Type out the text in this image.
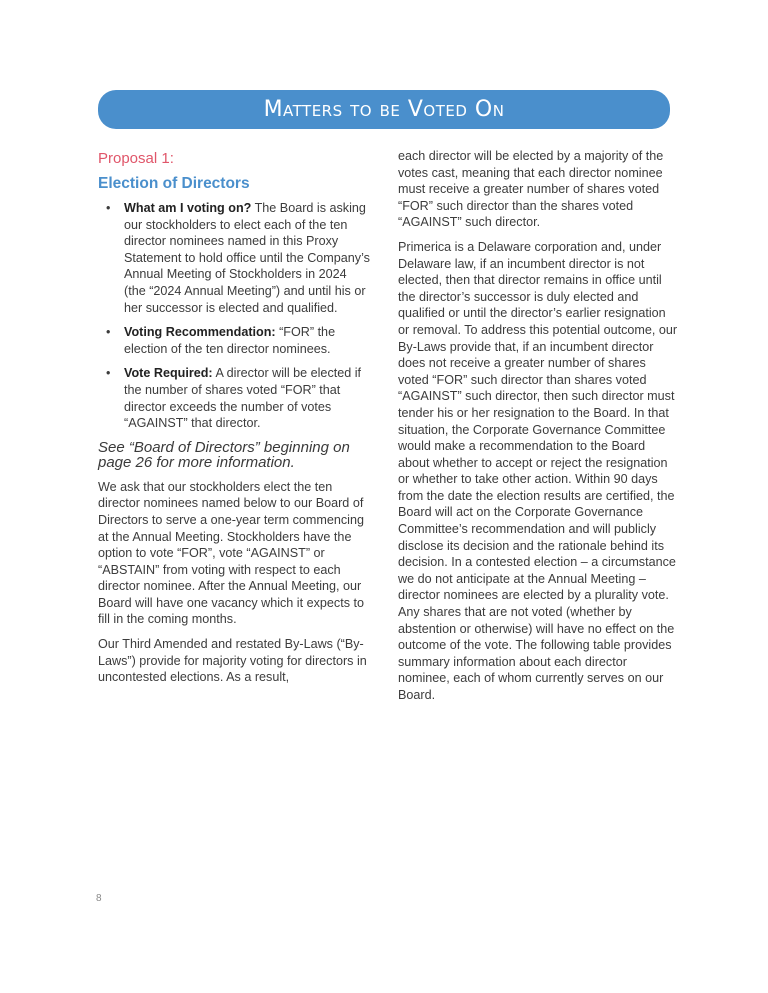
Matters to be Voted On
Proposal 1:
Election of Directors
• What am I voting on? The Board is asking our stockholders to elect each of the ten director nominees named in this Proxy Statement to hold office until the Company’s Annual Meeting of Stockholders in 2024 (the “2024 Annual Meeting”) and until his or her successor is elected and qualified.
• Voting Recommendation: “FOR” the election of the ten director nominees.
• Vote Required: A director will be elected if the number of shares voted “FOR” that director exceeds the number of votes “AGAINST” that director.
See “Board of Directors” beginning on page 26 for more information.

We ask that our stockholders elect the ten director nominees named below to our Board of Directors to serve a one-year term commencing at the Annual Meeting. Stockholders have the option to vote “FOR”, vote “AGAINST” or “ABSTAIN” from voting with respect to each director nominee. After the Annual Meeting, our Board will have one vacancy which it expects to fill in the coming months.

Our Third Amended and restated By-Laws (“By-Laws”) provide for majority voting for directors in uncontested elections. As a result,

each director will be elected by a majority of the votes cast, meaning that each director nominee must receive a greater number of shares voted “FOR” such director than the shares voted “AGAINST” such director.

Primerica is a Delaware corporation and, under Delaware law, if an incumbent director is not elected, then that director remains in office until the director’s successor is duly elected and qualified or until the director’s earlier resignation or removal. To address this potential outcome, our By-Laws provide that, if an incumbent director does not receive a greater number of shares voted “FOR” such director than shares voted “AGAINST” such director, then such director must tender his or her resignation to the Board. In that situation, the Corporate Governance Committee would make a recommendation to the Board about whether to accept or reject the resignation or whether to take other action. Within 90 days from the date the election results are certified, the Board will act on the Corporate Governance Committee’s recommendation and will publicly disclose its decision and the rationale behind its decision. In a contested election – a circumstance we do not anticipate at the Annual Meeting – director nominees are elected by a plurality vote. Any shares that are not voted (whether by abstention or otherwise) will have no effect on the outcome of the vote. The following table provides summary information about each director nominee, each of whom currently serves on our Board.

8
